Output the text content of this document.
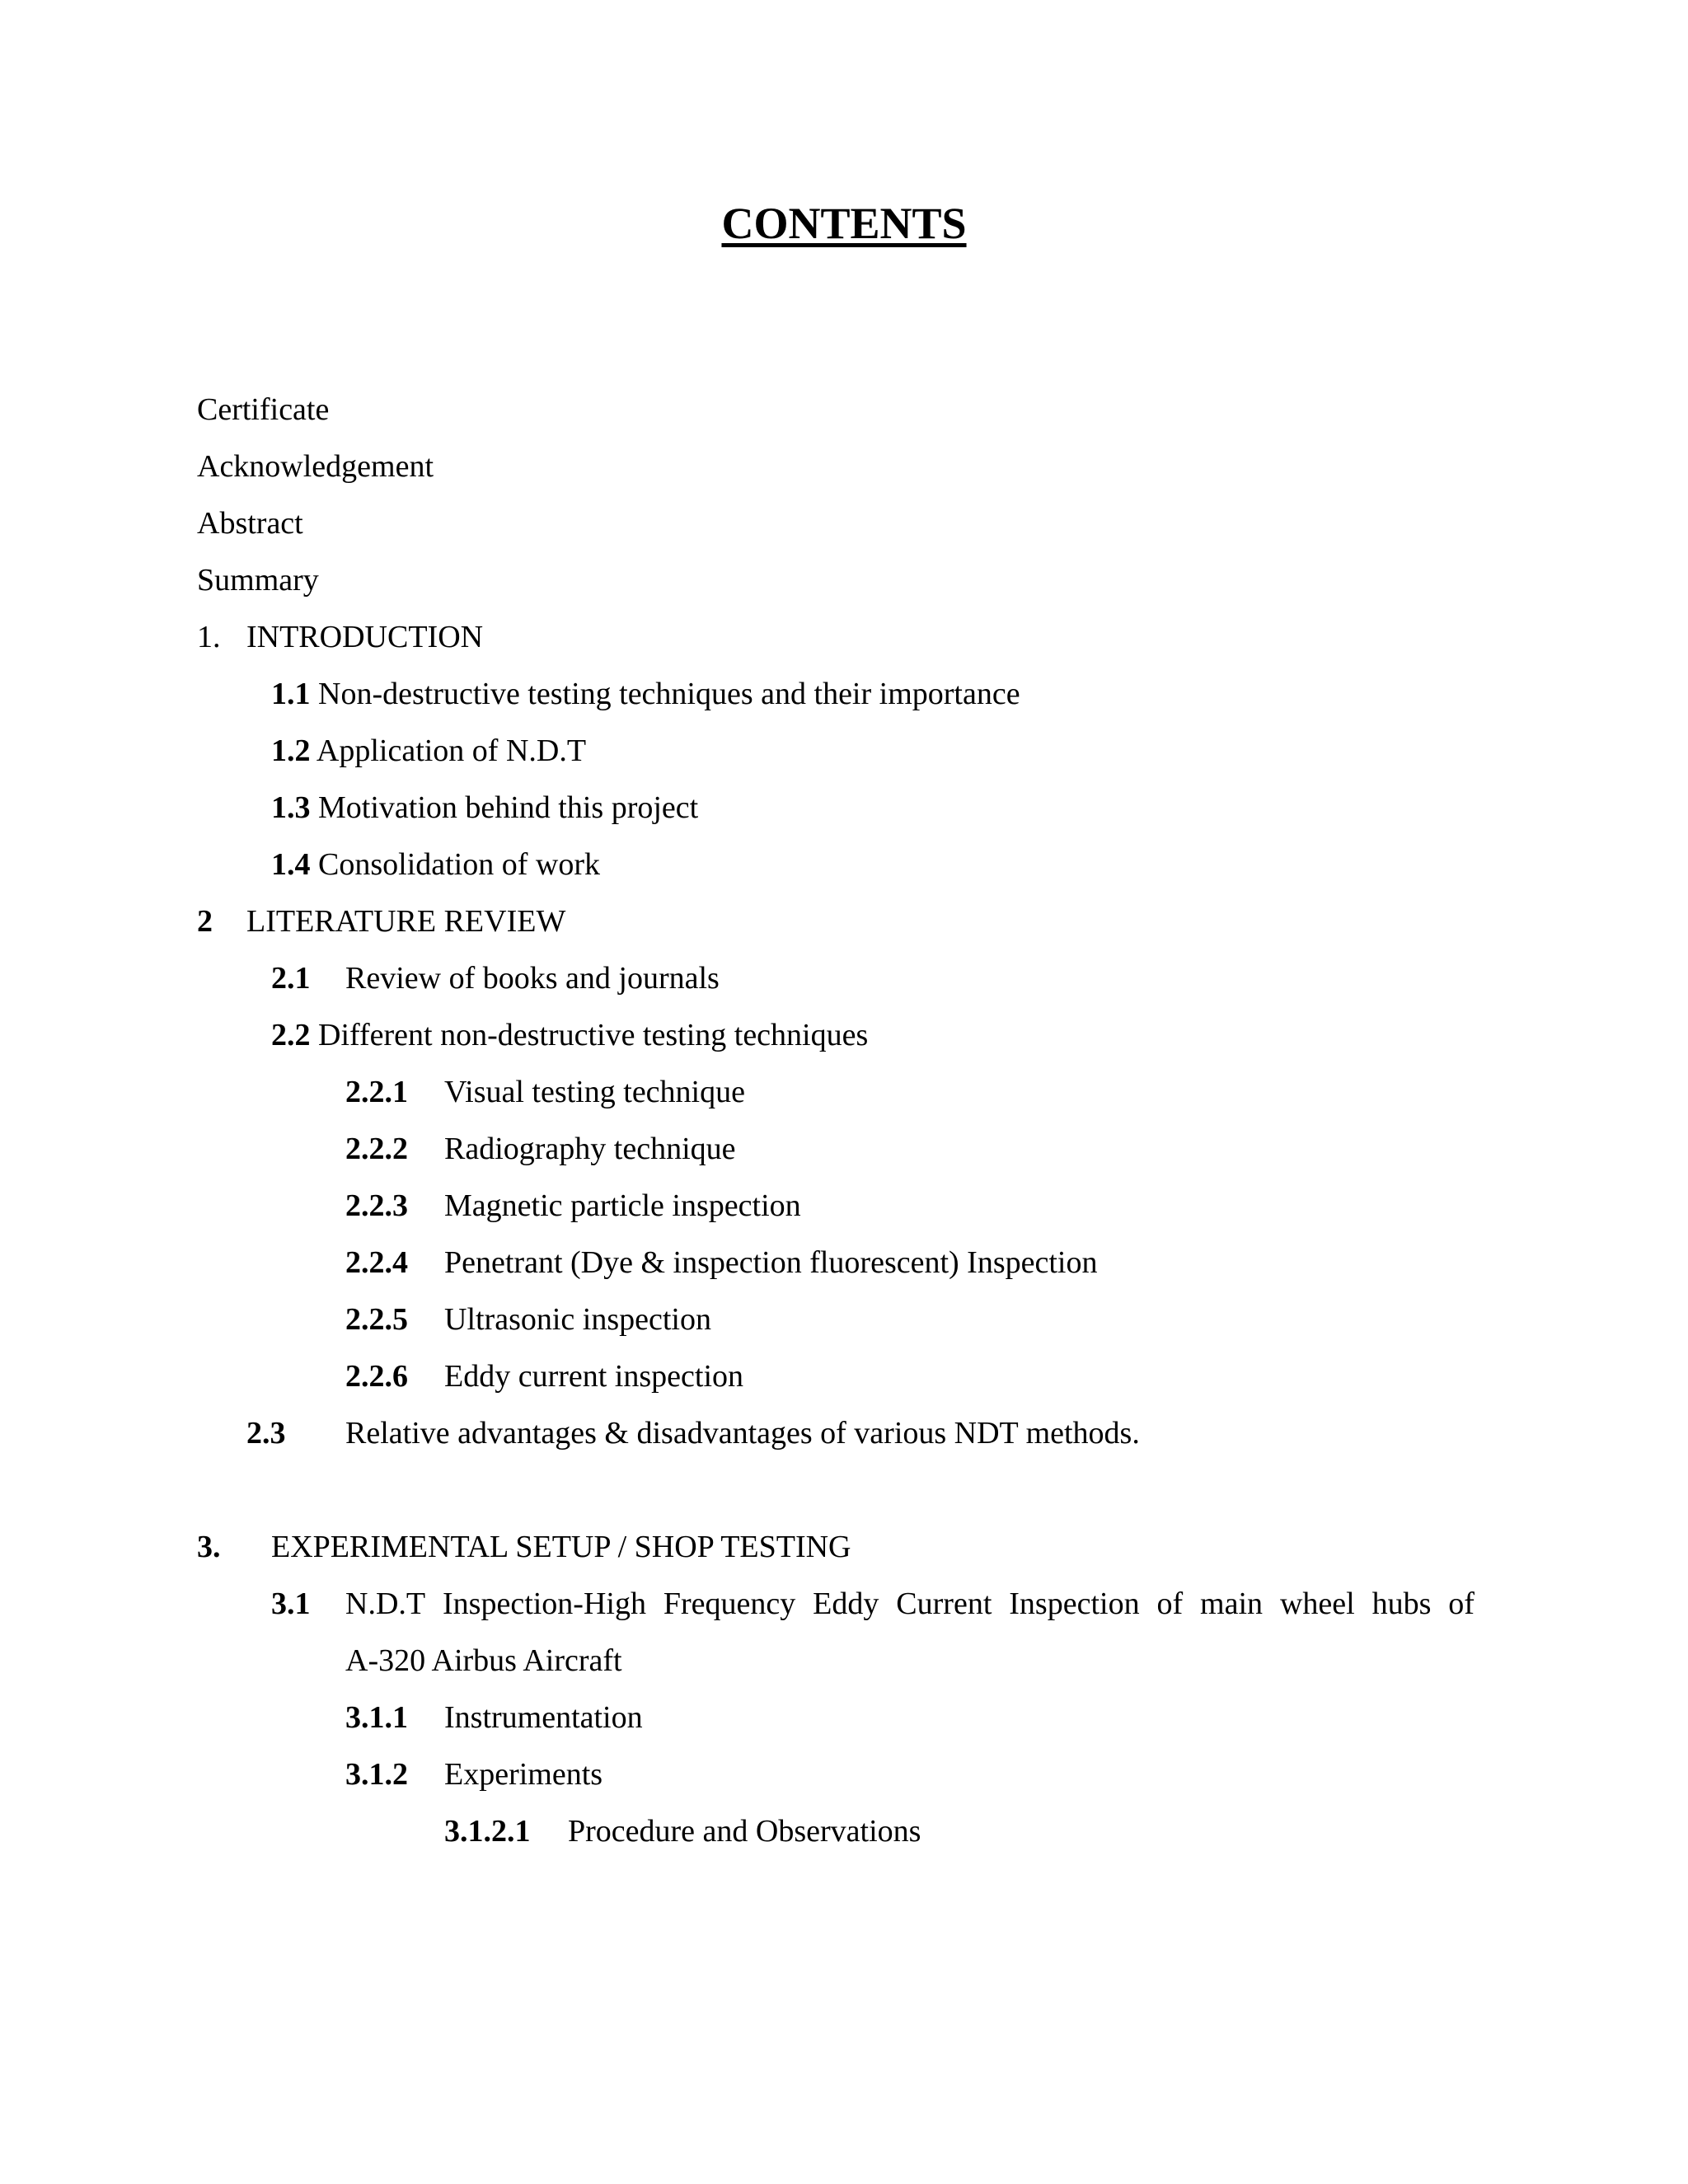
CONTENTS
Certificate
Acknowledgement
Abstract
Summary
1. INTRODUCTION
1.1 Non-destructive testing techniques and their importance
1.2 Application of N.D.T
1.3 Motivation behind this project
1.4 Consolidation of work
2 LITERATURE REVIEW
2.1 Review of books and journals
2.2 Different non-destructive testing techniques
2.2.1 Visual testing technique
2.2.2 Radiography technique
2.2.3 Magnetic particle inspection
2.2.4 Penetrant (Dye & inspection fluorescent) Inspection
2.2.5 Ultrasonic inspection
2.2.6 Eddy current inspection
2.3 Relative advantages & disadvantages of various NDT methods.
3. EXPERIMENTAL SETUP / SHOP TESTING
3.1 N.D.T Inspection-High Frequency Eddy Current Inspection of main wheel hubs of
A-320 Airbus Aircraft
3.1.1 Instrumentation
3.1.2 Experiments
3.1.2.1 Procedure and Observations
